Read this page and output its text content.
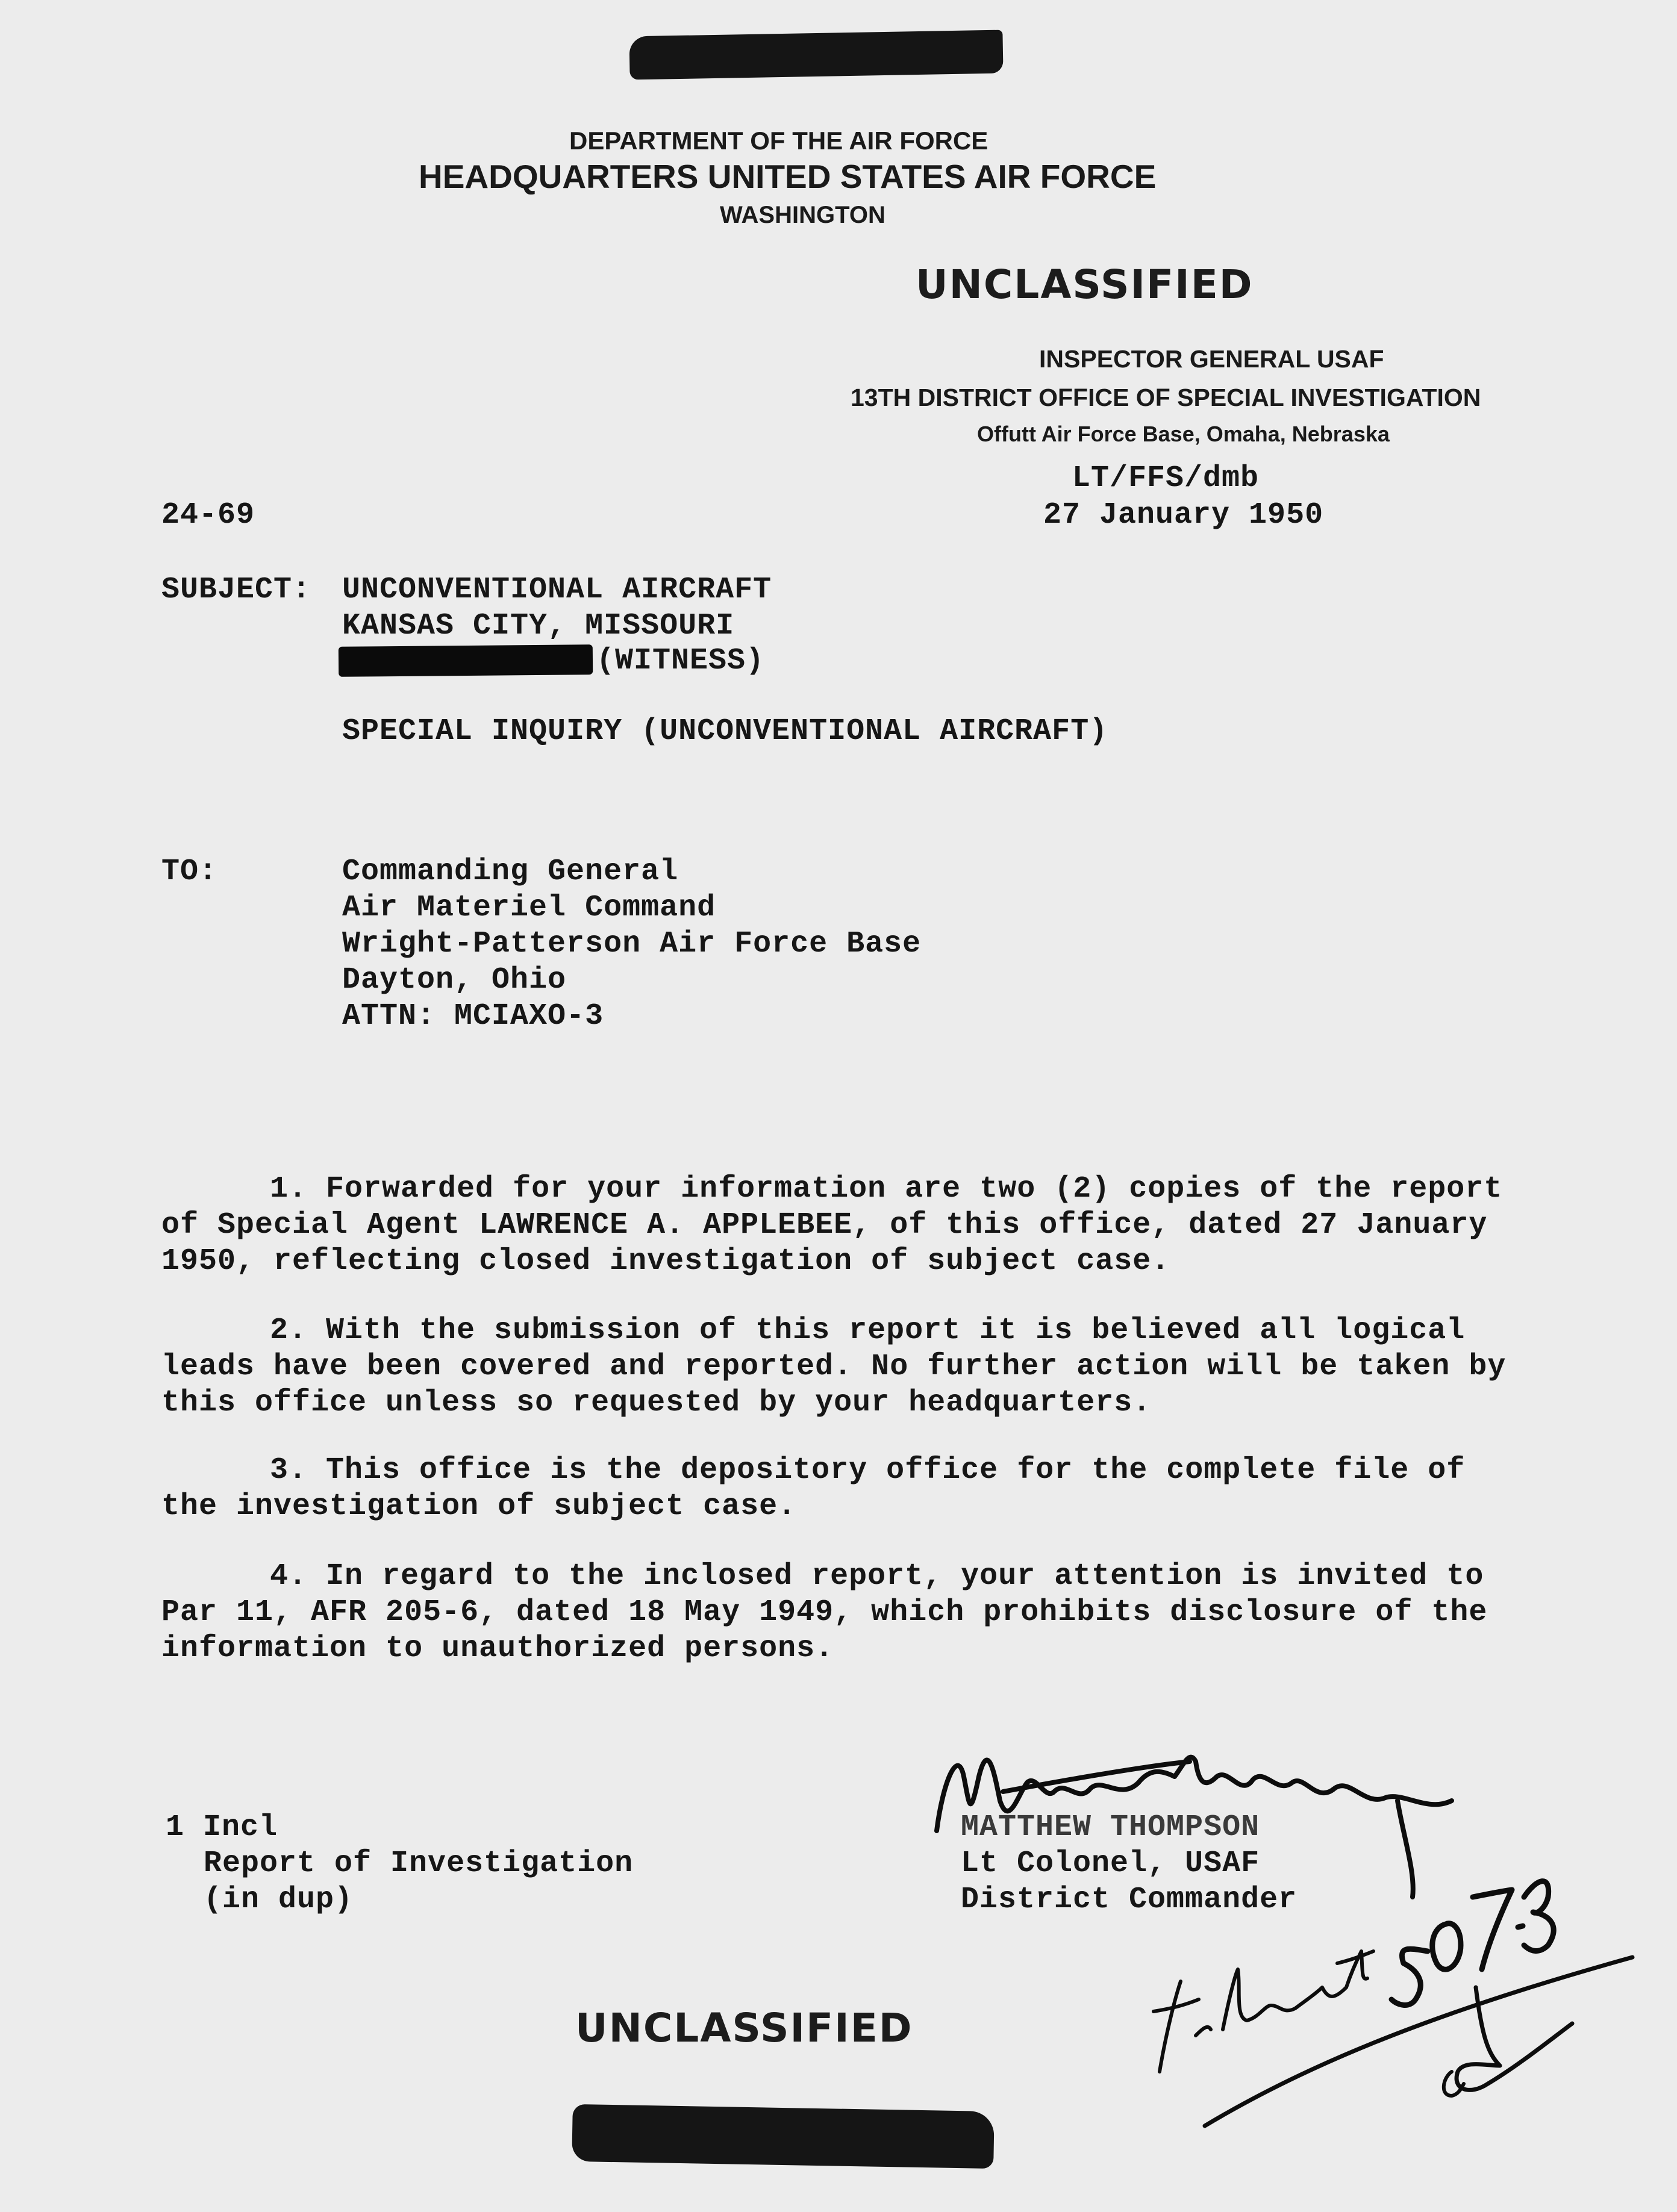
DEPARTMENT OF THE AIR FORCE
HEADQUARTERS UNITED STATES AIR FORCE
WASHINGTON
UNCLASSIFIED
INSPECTOR GENERAL USAF
13TH DISTRICT OFFICE OF SPECIAL INVESTIGATION
Offutt Air Force Base, Omaha, Nebraska
LT/FFS/dmb
24-69	27 January 1950
SUBJECT: UNCONVENTIONAL AIRCRAFT
KANSAS CITY, MISSOURI
(WITNESS)
SPECIAL INQUIRY (UNCONVENTIONAL AIRCRAFT)
TO:	Commanding General
Air Materiel Command
Wright-Patterson Air Force Base
Dayton, Ohio
ATTN: MCIAXO-3
1. Forwarded for your information are two (2) copies of the report
of Special Agent LAWRENCE A. APPLEBEE, of this office, dated 27 January
1950, reflecting closed investigation of subject case.
2. With the submission of this report it is believed all logical
leads have been covered and reported. No further action will be taken by
this office unless so requested by your headquarters.
3. This office is the depository office for the complete file of
the investigation of subject case.
4. In regard to the inclosed report, your attention is invited to
Par 11, AFR 205-6, dated 18 May 1949, which prohibits disclosure of the
information to unauthorized persons.
1 Incl
Report of Investigation
(in dup)
MATTHEW THOMPSON
Lt Colonel, USAF
District Commander
UNCLASSIFIED
